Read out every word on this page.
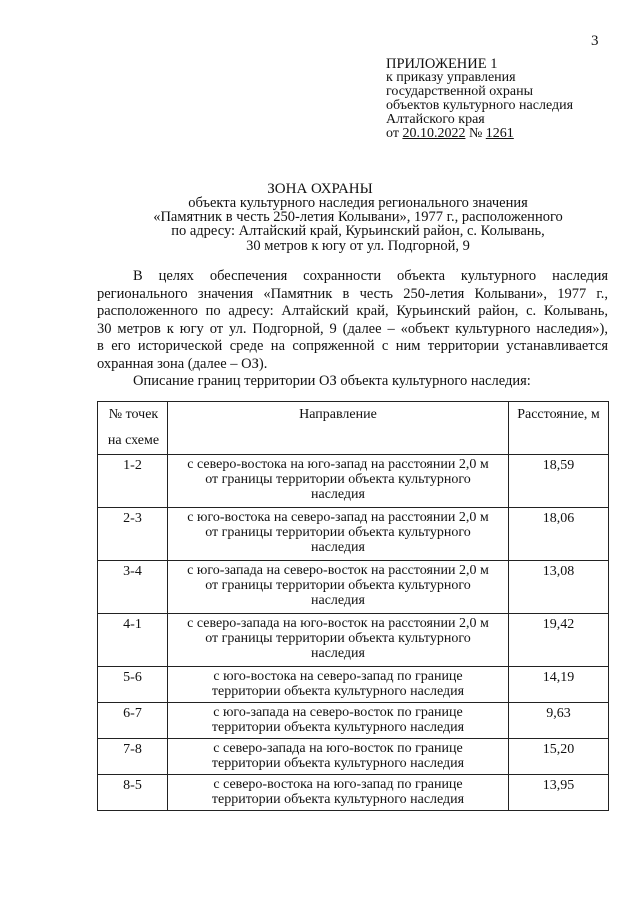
3
ПРИЛОЖЕНИЕ 1
к приказу управления
государственной охраны
объектов культурного наследия
Алтайского края
от 20.10.2022 № 1261
ЗОНА ОХРАНЫ
объекта культурного наследия регионального значения
«Памятник в честь 250-летия Колывани», 1977 г., расположенного
по адресу: Алтайский край, Курьинский район, с. Колывань,
30 метров к югу от ул. Подгорной, 9
В целях обеспечения сохранности объекта культурного наследия
регионального значения «Памятник в честь 250-летия Колывани», 1977 г.,
расположенного по адресу: Алтайский край, Курьинский район, с. Колывань,
30 метров к югу от ул. Подгорной, 9 (далее – «объект культурного наследия»),
в его исторической среде на сопряженной с ним территории устанавливается
охранная зона (далее – ОЗ).
Описание границ территории ОЗ объекта культурного наследия:
№ точек
на схеме	Направление	Расстояние, м
1-2	с северо-востока на юго-запад на расстоянии 2,0 м
от границы территории объекта культурного
наследия	18,59
2-3	с юго-востока на северо-запад на расстоянии 2,0 м
от границы территории объекта культурного
наследия	18,06
3-4	с юго-запада на северо-восток на расстоянии 2,0 м
от границы территории объекта культурного
наследия	13,08
4-1	с северо-запада на юго-восток на расстоянии 2,0 м
от границы территории объекта культурного
наследия	19,42
5-6	с юго-востока на северо-запад по границе
территории объекта культурного наследия	14,19
6-7	с юго-запада на северо-восток по границе
территории объекта культурного наследия	9,63
7-8	с северо-запада на юго-восток по границе
территории объекта культурного наследия	15,20
8-5	с северо-востока на юго-запад по границе
территории объекта культурного наследия	13,95
